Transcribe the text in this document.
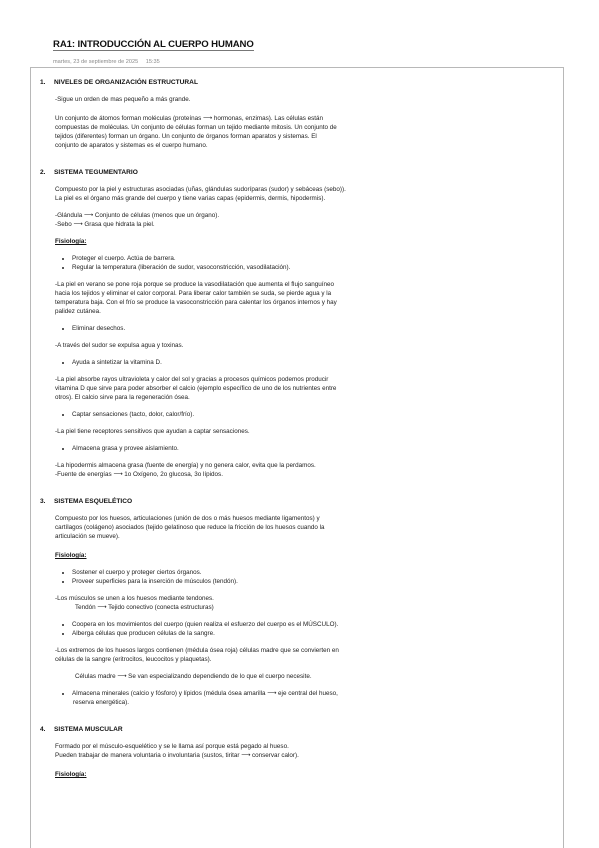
RA1: INTRODUCCIÓN AL CUERPO HUMANO
martes, 23 de septiembre de 2025 15:35
1. NIVELES DE ORGANIZACIÓN ESTRUCTURAL

-Sigue un orden de mas pequeño a más grande.

Un conjunto de átomos forman moléculas (proteínas ⟶ hormonas, enzimas). Las células están

compuestas de moléculas. Un conjunto de células forman un tejido mediante mitosis. Un conjunto de

tejidos (diferentes) forman un órgano. Un conjunto de órganos forman aparatos y sistemas. El

conjunto de aparatos y sistemas es el cuerpo humano.

2. SISTEMA TEGUMENTARIO

Compuesto por la piel y estructuras asociadas (uñas, glándulas sudoríparas (sudor) y sebáceas (sebo)).

La piel es el órgano más grande del cuerpo y tiene varias capas (epidermis, dermis, hipodermis).

-Glándula ⟶ Conjunto de células (menos que un órgano).

-Sebo ⟶ Grasa que hidrata la piel.

Fisiología:

• Proteger el cuerpo. Actúa de barrera.
• Regular la temperatura (liberación de sudor, vasoconstricción, vasodilatación).

-La piel en verano se pone roja porque se produce la vasodilatación que aumenta el flujo sanguíneo

hacia los tejidos y eliminar el calor corporal. Para liberar calor también se suda, se pierde agua y la

temperatura baja. Con el frío se produce la vasoconstricción para calentar los órganos internos y hay

palidez cutánea.

• Eliminar desechos.

-A través del sudor se expulsa agua y toxinas.

• Ayuda a sintetizar la vitamina D.

-La piel absorbe rayos ultravioleta y calor del sol y gracias a procesos químicos podemos producir

vitamina D que sirve para poder absorber el calcio (ejemplo específico de uno de los nutrientes entre

otros). El calcio sirve para la regeneración ósea.

• Captar sensaciones (tacto, dolor, calor/frío).

-La piel tiene receptores sensitivos que ayudan a captar sensaciones.

• Almacena grasa y provee aislamiento.

-La hipodermis almacena grasa (fuente de energía) y no genera calor, evita que la perdamos.

-Fuente de energías ⟶ 1o Oxígeno, 2o glucosa, 3o lípidos.

3. SISTEMA ESQUELÉTICO

Compuesto por los huesos, articulaciones (unión de dos o más huesos mediante ligamentos) y

cartílagos (colágeno) asociados (tejido gelatinoso que reduce la fricción de los huesos cuando la

articulación se mueve).

Fisiología:

• Sostener el cuerpo y proteger ciertos órganos.
• Proveer superficies para la inserción de músculos (tendón).

-Los músculos se unen a los huesos mediante tendones.

Tendón ⟶ Tejido conectivo (conecta estructuras)

• Coopera en los movimientos del cuerpo (quien realiza el esfuerzo del cuerpo es el MÚSCULO).
• Alberga células que producen células de la sangre.

-Los extremos de los huesos largos contienen (médula ósea roja) células madre que se convierten en

células de la sangre (eritrocitos, leucocitos y plaquetas).

Células madre ⟶ Se van especializando dependiendo de lo que el cuerpo necesite.

• Almacena minerales (calcio y fósforo) y lípidos (médula ósea amarilla ⟶ eje central del hueso,

reserva energética).

4. SISTEMA MUSCULAR

Formado por el músculo-esquelético y se le llama así porque está pegado al hueso.

Pueden trabajar de manera voluntaria o involuntaria (sustos, tiritar ⟶ conservar calor).

Fisiología:
